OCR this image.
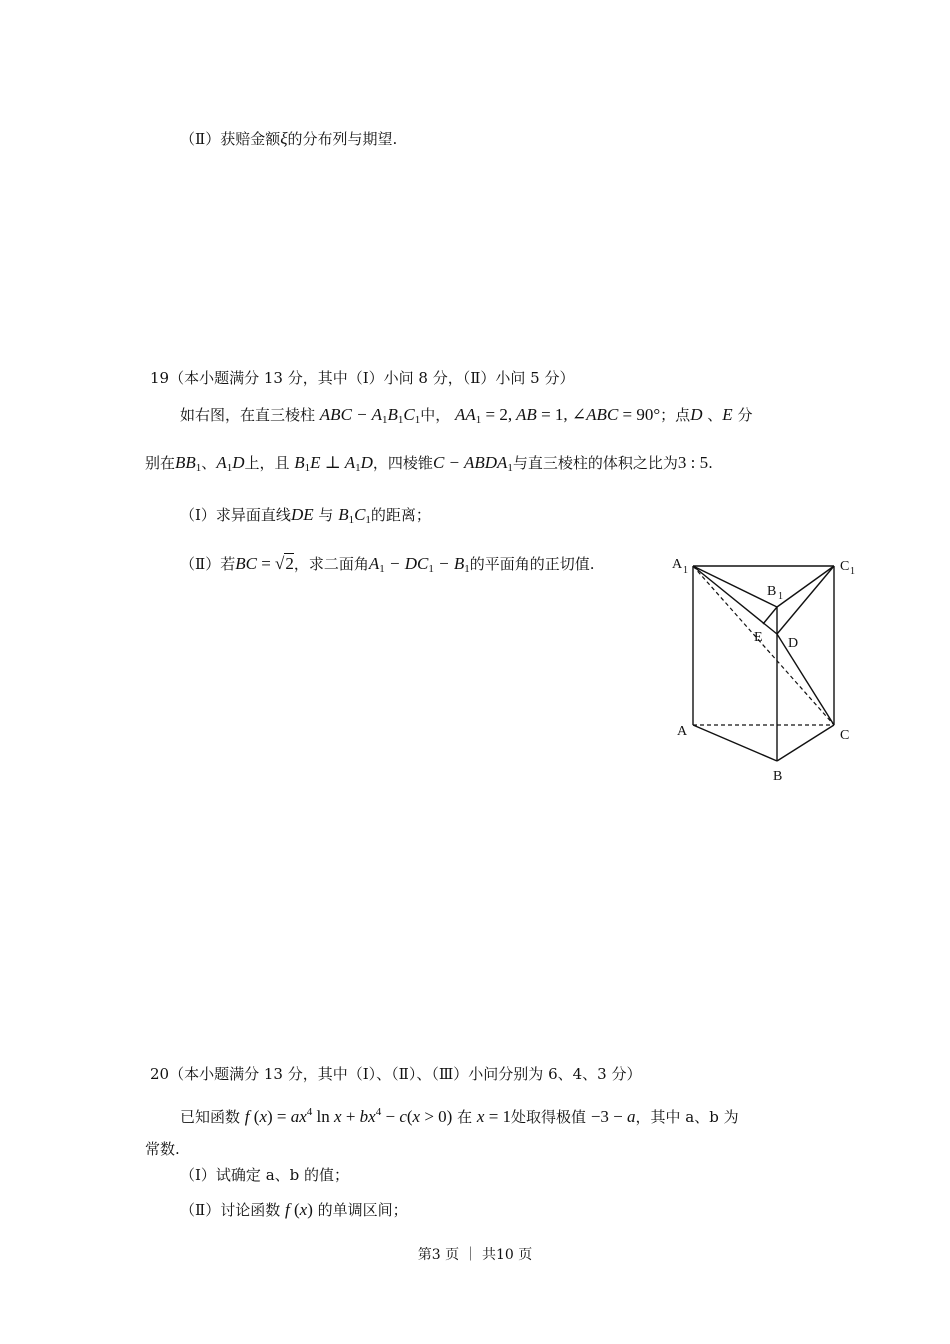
（Ⅱ）获赔金额ξ的分布列与期望.
19（本小题满分 13 分，其中（Ⅰ）小问 8 分，（Ⅱ）小问 5 分）
如右图，在直三棱柱 ABC − $A_1B_1C_1$中， $AA_1 = 2$, AB = 1, ∠ABC = 90°；点D 、E 分
别在$BB_1$、$A_1D$上，且 $B_1E$ ⊥ $A_1D$，四棱锥$C - ABDA_1$与直三棱柱的体积之比为3 : 5.
（Ⅰ）求异面直线DE 与 $B_1C_1$的距离；
（Ⅱ）若BC = √2，求二面角$A_1 - DC_1 - B_1$的平面角的正切值.	A 1	C 1
B 1
E D
A	C
B
20（本小题满分 13 分，其中（Ⅰ）、（Ⅱ）、（Ⅲ）小问分别为 6、4、3 分）
已知函数 f $(x) = ax^4$ $\ln x + bx^4 - c(x > 0)$ 在 x = 1处取得极值 −3 − a，其中 a、b 为
常数.
（Ⅰ）试确定 a、b 的值；
（Ⅱ）讨论函数 f (x) 的单调区间；
第3 页 ｜ 共10 页
